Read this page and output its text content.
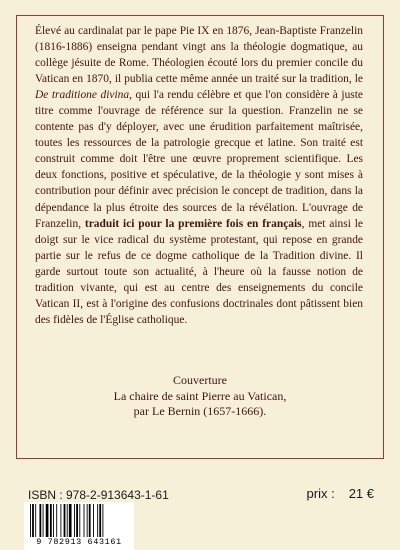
Élevé au cardinalat par le pape Pie IX en 1876, Jean-Baptiste Franzelin (1816-1886) enseigna pendant vingt ans la théologie dogmatique, au collège jésuite de Rome. Théologien écouté lors du premier concile du Vatican en 1870, il publia cette même année un traité sur la tradition, le De traditione divina, qui l'a rendu célèbre et que l'on considère à juste titre comme l'ouvrage de référence sur la question. Franzelin ne se contente pas d'y déployer, avec une érudition parfaitement maîtrisée, toutes les ressources de la patrologie grecque et latine. Son traité est construit comme doit l'être une œuvre proprement scientifique. Les deux fonctions, positive et spéculative, de la théologie y sont mises à contribution pour définir avec précision le concept de tradition, dans la dépendance la plus étroite des sources de la révélation. L'ouvrage de Franzelin, traduit ici pour la première fois en français, met ainsi le doigt sur le vice radical du système protestant, qui repose en grande partie sur le refus de ce dogme catholique de la Tradition divine. Il garde surtout toute son actualité, à l'heure où la fausse notion de tradition vivante, qui est au centre des enseignements du concile Vatican II, est à l'origine des confusions doctrinales dont pâtissent bien des fidèles de l'Église catholique.

Couverture
La chaire de saint Pierre au Vatican,
par Le Bernin (1657-1666).
ISBN : 978-2-913643-1-61	prix : 21 €
9 782913 643161
